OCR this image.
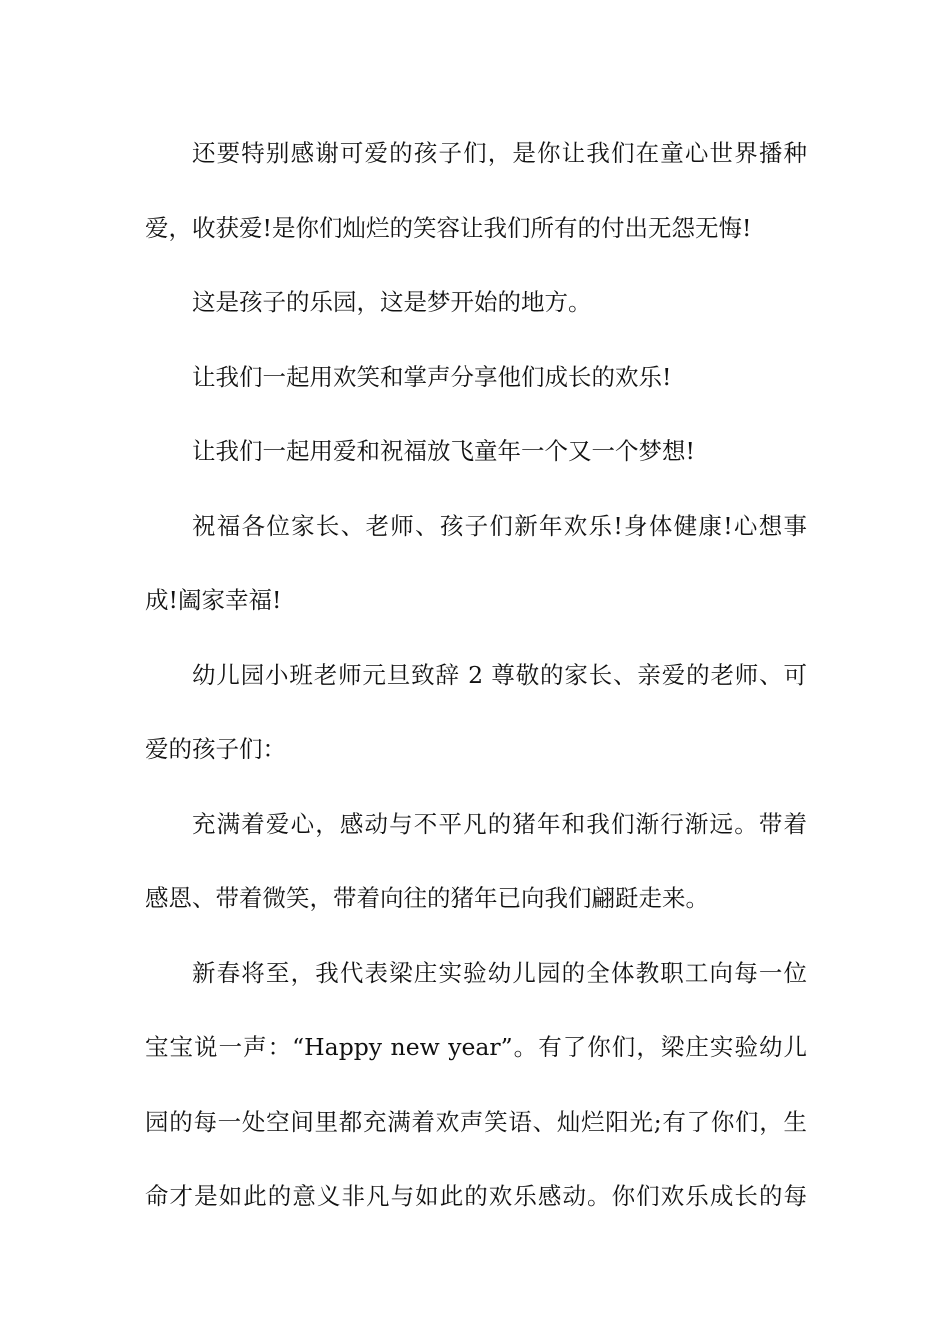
还要特别感谢可爱的孩子们，是你让我们在童心世界播种
爱，收获爱!是你们灿烂的笑容让我们所有的付出无怨无悔!
这是孩子的乐园，这是梦开始的地方。
让我们一起用欢笑和掌声分享他们成长的欢乐!
让我们一起用爱和祝福放飞童年一个又一个梦想!
祝福各位家长、老师、孩子们新年欢乐!身体健康!心想事
成!阖家幸福!
幼儿园小班老师元旦致辞 2 尊敬的家长、亲爱的老师、可
爱的孩子们：
充满着爱心，感动与不平凡的猪年和我们渐行渐远。带着
感恩、带着微笑，带着向往的猪年已向我们翩跹走来。
新春将至，我代表梁庄实验幼儿园的全体教职工向每一位
宝宝说一声：“Happy new year”。有了你们，梁庄实验幼儿
园的每一处空间里都充满着欢声笑语、灿烂阳光;有了你们，生
命才是如此的意义非凡与如此的欢乐感动。你们欢乐成长的每
